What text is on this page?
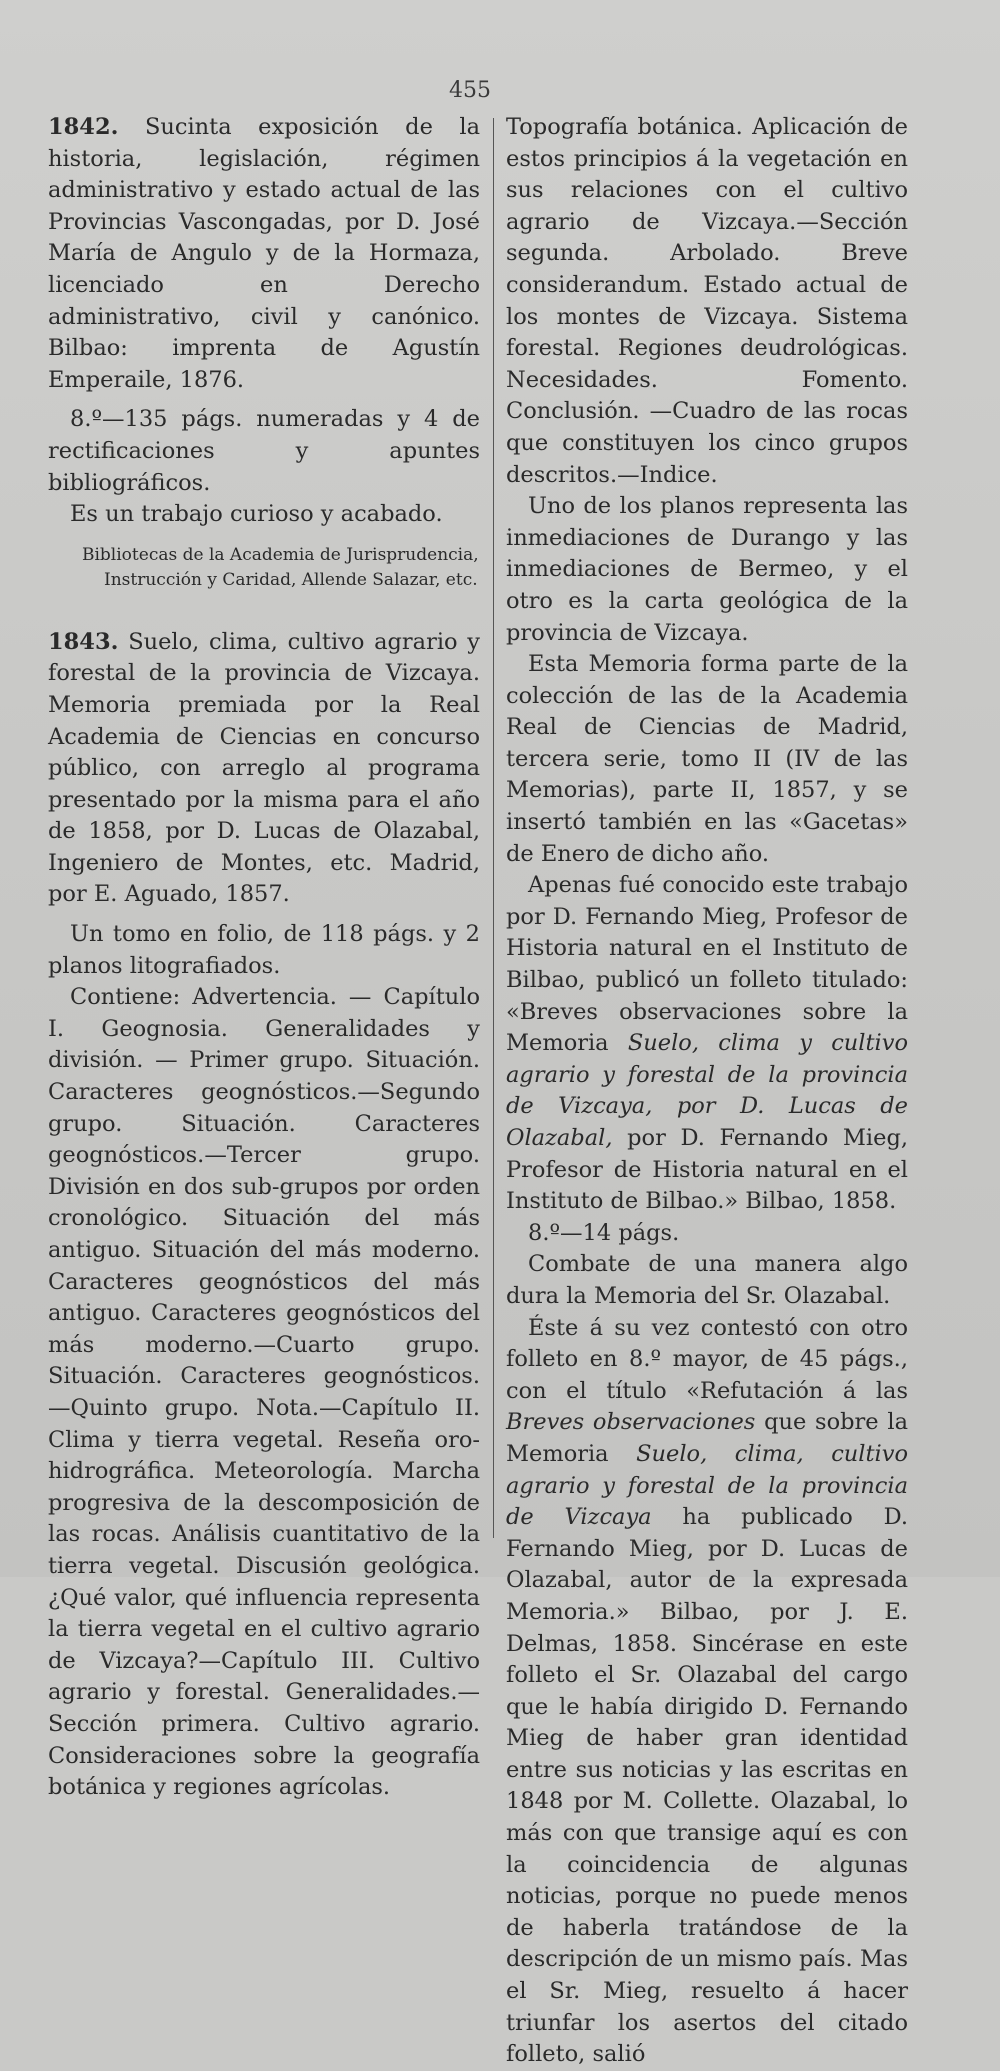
455

1842. Sucinta exposición de la historia, legislación, régimen administrativo y estado actual de las Provincias Vascongadas, por D. José María de Angulo y de la Hormaza, licenciado en Derecho administrativo, civil y canónico. Bilbao: imprenta de Agustín Emperaile, 1876.

8.º—135 págs. numeradas y 4 de rectificaciones y apuntes bibliográficos.

Es un trabajo curioso y acabado.

Bibliotecas de la Academia de Jurisprudencia,
Instrucción y Caridad, Allende Salazar, etc.

1843. Suelo, clima, cultivo agrario y forestal de la provincia de Vizcaya. Memoria premiada por la Real Academia de Ciencias en concurso público, con arreglo al programa presentado por la misma para el año de 1858, por D. Lucas de Olazabal, Ingeniero de Montes, etc. Madrid, por E. Aguado, 1857.

Un tomo en folio, de 118 págs. y 2 planos litografiados.

Contiene: Advertencia. — Capítulo I. Geognosia. Generalidades y división. — Primer grupo. Situación. Caracteres geognósticos.—Segundo grupo. Situación. Caracteres geognósticos.—Tercer grupo. División en dos sub-grupos por orden cronológico. Situación del más antiguo. Situación del más moderno. Caracteres geognósticos del más antiguo. Caracteres geognósticos del más moderno.—Cuarto grupo. Situación. Caracteres geognósticos.—Quinto grupo. Nota.—Capítulo II. Clima y tierra vegetal. Reseña oro-hidrográfica. Meteorología. Marcha progresiva de la descomposición de las rocas. Análisis cuantitativo de la tierra vegetal. Discusión geológica. ¿Qué valor, qué influencia representa la tierra vegetal en el cultivo agrario de Vizcaya?—Capítulo III. Cultivo agrario y forestal. Generalidades.—Sección primera. Cultivo agrario. Consideraciones sobre la geografía botánica y regiones agrícolas.

Topografía botánica. Aplicación de estos principios á la vegetación en sus relaciones con el cultivo agrario de Vizcaya.—Sección segunda. Arbolado. Breve considerandum. Estado actual de los montes de Vizcaya. Sistema forestal. Regiones deudrológicas. Necesidades. Fomento. Conclusión. —Cuadro de las rocas que constituyen los cinco grupos descritos.—Indice.

Uno de los planos representa las inmediaciones de Durango y las inmediaciones de Bermeo, y el otro es la carta geológica de la provincia de Vizcaya.

Esta Memoria forma parte de la colección de las de la Academia Real de Ciencias de Madrid, tercera serie, tomo II (IV de las Memorias), parte II, 1857, y se insertó también en las «Gacetas» de Enero de dicho año.

Apenas fué conocido este trabajo por D. Fernando Mieg, Profesor de Historia natural en el Instituto de Bilbao, publicó un folleto titulado: «Breves observaciones sobre la Memoria Suelo, clima y cultivo agrario y forestal de la provincia de Vizcaya, por D. Lucas de Olazabal, por D. Fernando Mieg, Profesor de Historia natural en el Instituto de Bilbao.» Bilbao, 1858.

8.º—14 págs.

Combate de una manera algo dura la Memoria del Sr. Olazabal.

Éste á su vez contestó con otro folleto en 8.º mayor, de 45 págs., con el título «Refutación á las Breves observaciones que sobre la Memoria Suelo, clima, cultivo agrario y forestal de la provincia de Vizcaya ha publicado D. Fernando Mieg, por D. Lucas de Olazabal, autor de la expresada Memoria.» Bilbao, por J. E. Delmas, 1858. Sincérase en este folleto el Sr. Olazabal del cargo que le había dirigido D. Fernando Mieg de haber gran identidad entre sus noticias y las escritas en 1848 por M. Collette. Olazabal, lo más con que transige aquí es con la coincidencia de algunas noticias, porque no puede menos de haberla tratándose de la descripción de un mismo país. Mas el Sr. Mieg, resuelto á hacer triunfar los asertos del citado folleto, salió
